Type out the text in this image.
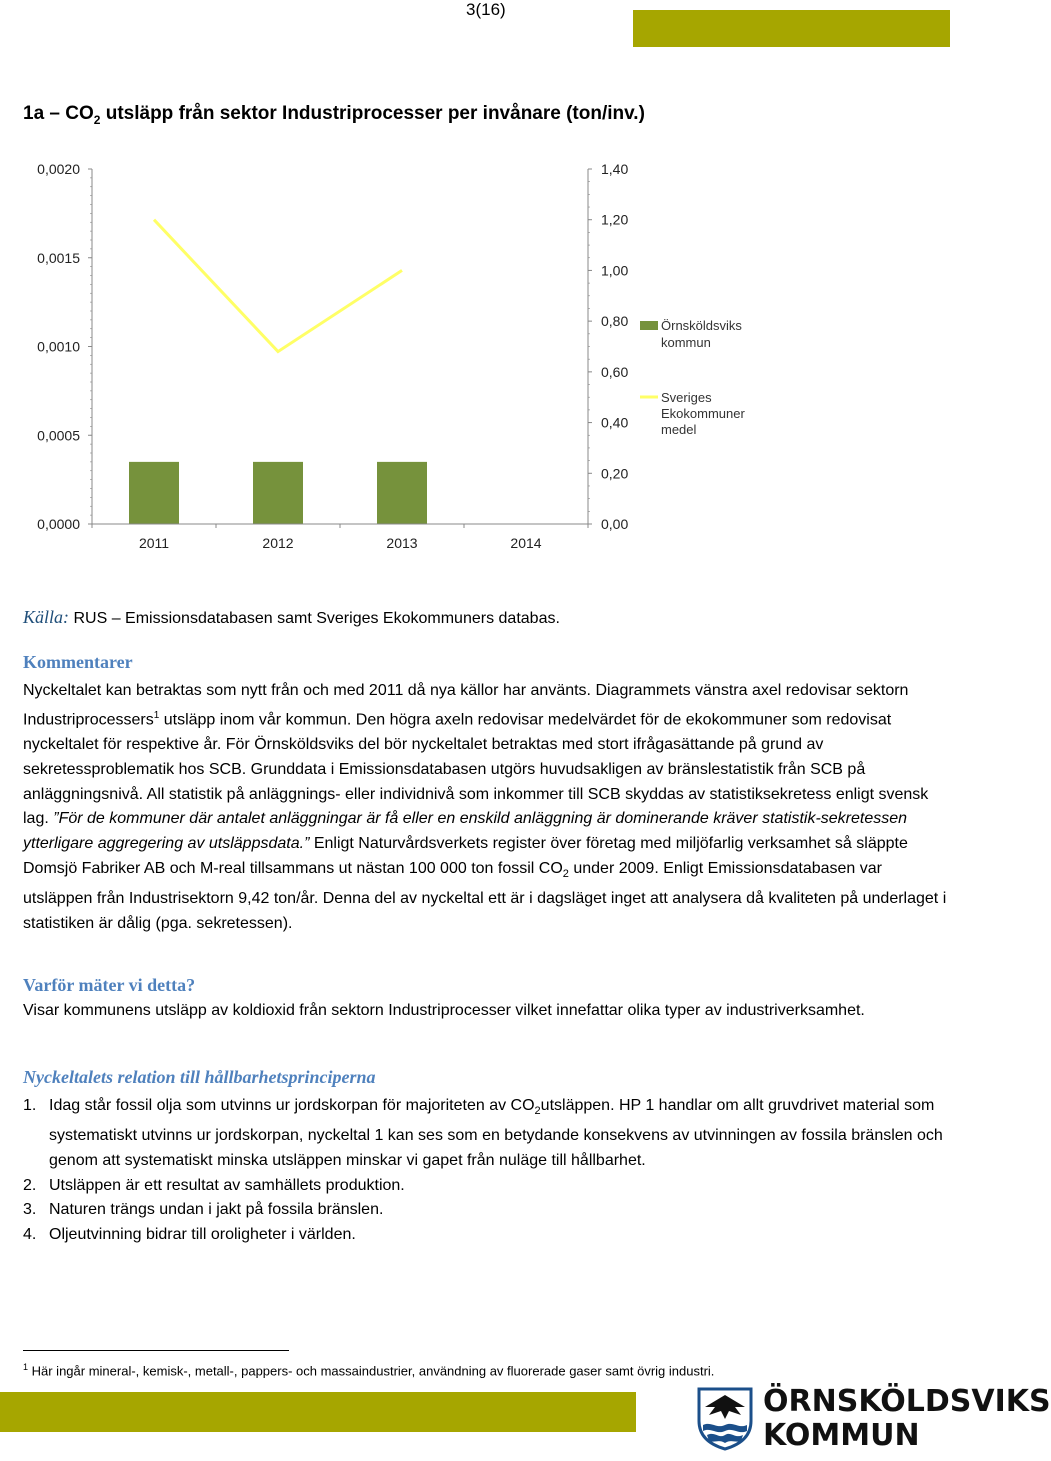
3(16)
$1a - CO_2$ utsläpp från sektor Industriprocesser per invånare (ton/inv.)
0,0000
0,0005
0,0010
0,0015
0,0020
0,00
0,20
0,40
0,60
0,80
1,00
1,20
1,40
2011	2012	2013	2014
Örnsköldsviks
kommun
Sveriges
Ekokommuner
medel
Källa: RUS – Emissionsdatabasen samt Sveriges Ekokommuners databas.
Kommentarer

Nyckeltalet kan betraktas som nytt från och med 2011 då nya källor har använts. Diagrammets vänstra axel redovisar sektorn Industriprocessers$^1$ utsläpp inom vår kommun. Den högra axeln redovisar medelvärdet för de ekokommuner som redovisat nyckeltalet för respektive år. För Örnsköldsviks del bör nyckeltalet betraktas med stort ifrågasättande på grund av sekretessproblematik hos SCB. Grunddata i Emissionsdatabasen utgörs huvudsakligen av bränslestatistik från SCB på anläggningsnivå. All statistik på anläggnings- eller individnivå som inkommer till SCB skyddas av statistiksekretess enligt svensk lag. ”För de kommuner där antalet anläggningar är få eller en enskild anläggning är dominerande kräver statistik-sekretessen ytterligare aggregering av utsläppsdata.” Enligt Naturvårdsverkets register över företag med miljöfarlig verksamhet så släppte Domsjö Fabriker AB och M-real tillsammans ut nästan 100 000 ton fossil $CO_2$ under 2009. Enligt Emissionsdatabasen var utsläppen från Industrisektorn 9,42 ton/år. Denna del av nyckeltal ett är i dagsläget inget att analysera då kvaliteten på underlaget i statistiken är dålig (pga. sekretessen).

Varför mäter vi detta?

Visar kommunens utsläpp av koldioxid från sektorn Industriprocesser vilket innefattar olika typer av industriverksamhet.

Nyckeltalets relation till hållbarhetsprinciperna
1. Idag står fossil olja som utvinns ur jordskorpan för majoriteten av $CO_2utsläppen$. HP 1 handlar om allt gruvdrivet material som systematiskt utvinns ur jordskorpan, nyckeltal 1 kan ses som en betydande konsekvens av utvinningen av fossila bränslen och genom att systematiskt minska utsläppen minskar vi gapet från nuläge till hållbarhet.
2. Utsläppen är ett resultat av samhällets produktion.
3. Naturen trängs undan i jakt på fossila bränslen.
4. Oljeutvinning bidrar till oroligheter i världen.
$^1$ Här ingår mineral-, kemisk-, metall-, pappers- och massaindustrier, användning av fluorerade gaser samt övrig industri.
ÖRNSKÖLDSVIKS
KOMMUN
